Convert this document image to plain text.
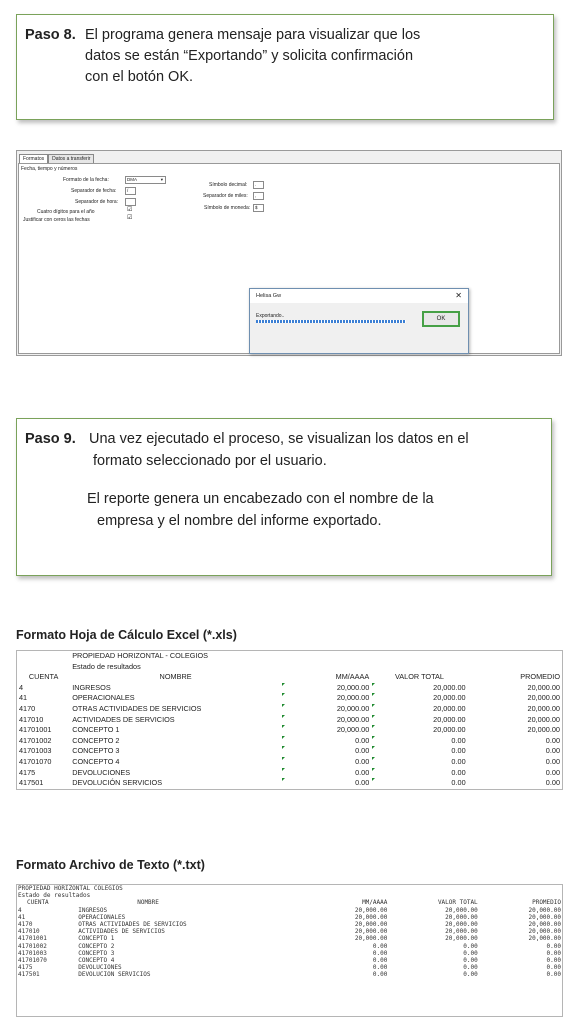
Paso 8. El programa genera mensaje para visualizar que los
datos se están “Exportando” y solicita confirmación
con el botón OK.
Formatos	Datos a transferir
Fecha, tiempo y números
Formato de la fecha:	DMA	▾
Separador de fecha:	/
Separador de hora:
Cuatro dígitos para el año	☑
Justificar con ceros las fechas	☑
Símbolo decimal:	.
Separador de miles:	,
Símbolo de moneda:	$
Helisa Gw	✕
Exportando..	OK
Paso 9. Una vez ejecutado el proceso, se visualizan los datos en el
formato seleccionado por el usuario.
El reporte genera un encabezado con el nombre de la
empresa y el nombre del informe exportado.
Formato Hoja de Cálculo Excel (*.xls)
	PROPIEDAD HORIZONTAL - COLEGIOS			
	Estado de resultados			
CUENTA	NOMBRE	MM/AAAA	VALOR TOTAL	PROMEDIO
4	INGRESOS	20,000.00	20,000.00	20,000.00
41	OPERACIONALES	20,000.00	20,000.00	20,000.00
4170	OTRAS ACTIVIDADES DE SERVICIOS	20,000.00	20,000.00	20,000.00
417010	ACTIVIDADES DE SERVICIOS	20,000.00	20,000.00	20,000.00
41701001	CONCEPTO 1	20,000.00	20,000.00	20,000.00
41701002	CONCEPTO 2	0.00	0.00	0.00
41701003	CONCEPTO 3	0.00	0.00	0.00
41701070	CONCEPTO 4	0.00	0.00	0.00
4175	DEVOLUCIONES	0.00	0.00	0.00
417501	DEVOLUCIÓN SERVICIOS	0.00	0.00	0.00
Formato Archivo de Texto (*.txt)
PROPIEDAD HORIZONTAL COLEGIOS				
Estado de resultados				
CUENTA	NOMBRE	MM/AAAA	VALOR TOTAL	PROMEDIO
4	INGRESOS	20,000.00	20,000.00	20,000.00
41	OPERACIONALES	20,000.00	20,000.00	20,000.00
4170	OTRAS ACTIVIDADES DE SERVICIOS	20,000.00	20,000.00	20,000.00
417010	ACTIVIDADES DE SERVICIOS	20,000.00	20,000.00	20,000.00
41701001	CONCEPTO 1	20,000.00	20,000.00	20,000.00
41701002	CONCEPTO 2	0.00	0.00	0.00
41701003	CONCEPTO 3	0.00	0.00	0.00
41701070	CONCEPTO 4	0.00	0.00	0.00
4175	DEVOLUCIONES	0.00	0.00	0.00
417501	DEVOLUCIÓN SERVICIOS	0.00	0.00	0.00
